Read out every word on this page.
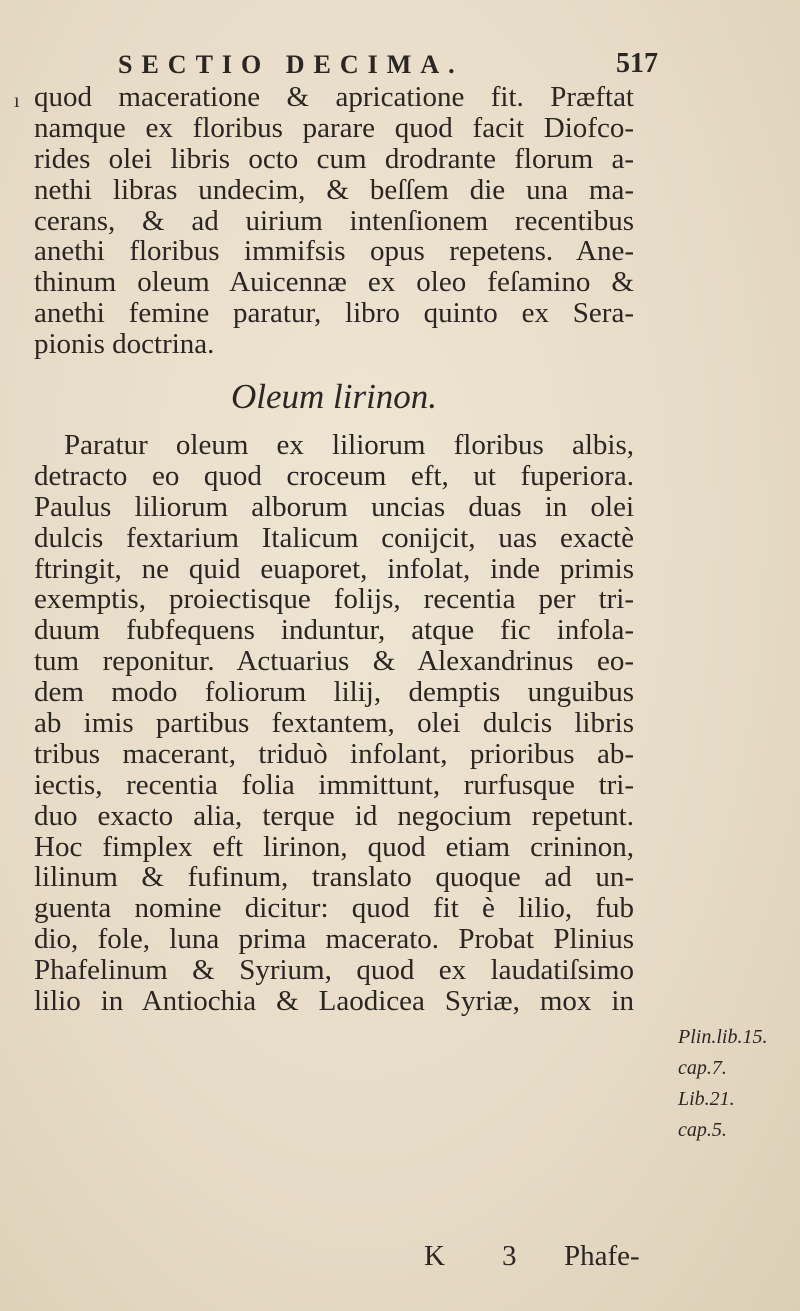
SECTIO DECIMA.	517
ı quod maceratione & apricatione fit. Præftat
namque ex floribus parare quod facit Diofco-
rides olei libris octo cum drodrante florum a-
nethi libras undecim, & beſſem die una ma-
cerans, & ad uirium intenſionem recentibus
anethi floribus immifsis opus repetens. Ane-
thinum oleum Auicennæ ex oleo feſamino &
anethi femine paratur, libro quinto ex Sera-
pionis doctrina.
Oleum lirinon.
Paratur oleum ex liliorum floribus albis,
detracto eo quod croceum eft, ut fuperiora.
Paulus liliorum alborum uncias duas in olei
dulcis fextarium Italicum conijcit, uas exactè
ftringit, ne quid euaporet, infolat, inde primis
exemptis, proiectisque folijs, recentia per tri-
duum fubfequens induntur, atque fic infola-
tum reponitur. Actuarius & Alexandrinus eo-
dem modo foliorum lilij, demptis unguibus
ab imis partibus fextantem, olei dulcis libris
tribus macerant, triduò infolant, prioribus ab-
iectis, recentia folia immittunt, rurfusque tri-
duo exacto alia, terque id negocium repetunt.
Hoc fimplex eft lirinon, quod etiam crininon,
lilinum & fufinum, translato quoque ad un-
guenta nomine dicitur: quod fit è lilio, fub
dio, fole, luna prima macerato. Probat Plinius
Phafelinum & Syrium, quod ex laudatiſsimo
lilio in Antiochia & Laodicea Syriæ, mox in
Plin.lib.15.
cap.7.
Lib.21.
cap.5.
K 3 Phafe-
